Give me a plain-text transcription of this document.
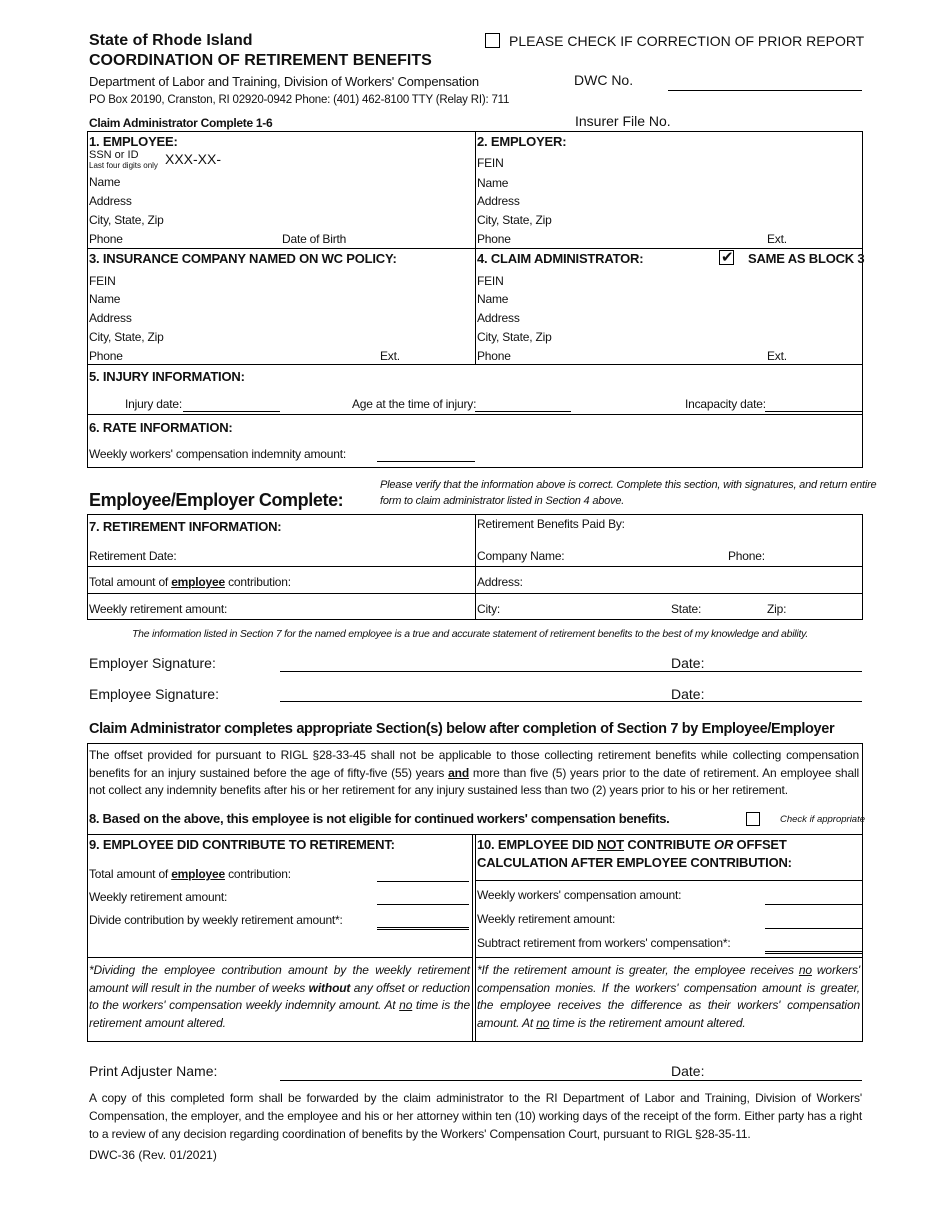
State of Rhode Island
COORDINATION OF RETIREMENT BENEFITS
Department of Labor and Training, Division of Workers' Compensation
PO Box 20190, Cranston, RI 02920-0942 Phone: (401) 462-8100 TTY (Relay RI): 711
PLEASE CHECK IF CORRECTION OF PRIOR REPORT
DWC No.
Insurer File No.
Claim Administrator Complete 1-6
1. EMPLOYEE:
SSN or ID
Last four digits only XXX-XX-
Name
Address
City, State, Zip
Phone	Date of Birth
2. EMPLOYER:
FEIN
Name
Address
City, State, Zip
Phone	Ext.
3. INSURANCE COMPANY NAMED ON WC POLICY:
FEIN
Name
Address
City, State, Zip
Phone	Ext.
4. CLAIM ADMINISTRATOR:	✔ SAME AS BLOCK 3
FEIN
Name
Address
City, State, Zip
Phone	Ext.
5. INJURY INFORMATION:
Injury date:	Age at the time of injury:	Incapacity date:
6. RATE INFORMATION:
Weekly workers' compensation indemnity amount:
Employee/Employer Complete:
Please verify that the information above is correct. Complete this section, with signatures, and return entire
form to claim administrator listed in Section 4 above.
7. RETIREMENT INFORMATION:
Retirement Date:
Total amount of employee contribution:
Weekly retirement amount:
Retirement Benefits Paid By:
Company Name:	Phone:
Address:
City:	State:	Zip:
The information listed in Section 7 for the named employee is a true and accurate statement of retirement benefits to the best of my knowledge and ability.
Employer Signature:	Date:
Employee Signature:	Date:
Claim Administrator completes appropriate Section(s) below after completion of Section 7 by Employee/Employer
The offset provided for pursuant to RIGL §28-33-45 shall not be applicable to those collecting retirement benefits while collecting compensation benefits for an injury sustained before the age of fifty-five (55) years and more than five (5) years prior to the date of retirement. An employee shall not collect any indemnity benefits after his or her retirement for any injury sustained less than two (2) years prior to his or her retirement.
8. Based on the above, this employee is not eligible for continued workers' compensation benefits.	Check if appropriate
9. EMPLOYEE DID CONTRIBUTE TO RETIREMENT:
Total amount of employee contribution:
Weekly retirement amount:
Divide contribution by weekly retirement amount*:
*Dividing the employee contribution amount by the weekly retirement amount will result in the number of weeks without any offset or reduction to the workers' compensation weekly indemnity amount. At no time is the retirement amount altered.
10. EMPLOYEE DID NOT CONTRIBUTE OR OFFSET
CALCULATION AFTER EMPLOYEE CONTRIBUTION:
Weekly workers' compensation amount:
Weekly retirement amount:
Subtract retirement from workers' compensation*:
*If the retirement amount is greater, the employee receives no workers' compensation monies. If the workers' compensation amount is greater, the employee receives the difference as their workers' compensation amount. At no time is the retirement amount altered.
Print Adjuster Name:	Date:
A copy of this completed form shall be forwarded by the claim administrator to the RI Department of Labor and Training, Division of Workers' Compensation, the employer, and the employee and his or her attorney within ten (10) working days of the receipt of the form. Either party has a right to a review of any decision regarding coordination of benefits by the Workers' Compensation Court, pursuant to RIGL §28-35-11.
DWC-36 (Rev. 01/2021)
